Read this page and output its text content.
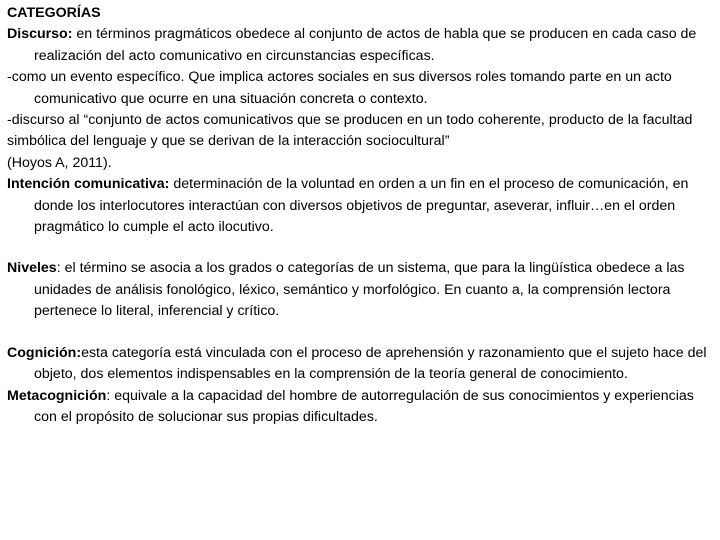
CATEGORÍAS

Discurso: en términos pragmáticos obedece al conjunto de actos de habla que se producen en cada caso de realización del acto comunicativo en circunstancias específicas.

-como un evento específico. Que implica actores sociales en sus diversos roles tomando parte en un acto comunicativo que ocurre en una situación concreta o contexto.

-discurso al “conjunto de actos comunicativos que se producen en un todo coherente, producto de la facultad simbólica del lenguaje y que se derivan de la interacción sociocultural”

(Hoyos A, 2011).

Intención comunicativa: determinación de la voluntad en orden a un fin en el proceso de comunicación, en donde los interlocutores interactúan con diversos objetivos de preguntar, aseverar, influir…en el orden pragmático lo cumple el acto ilocutivo.

Niveles: el término se asocia a los grados o categorías de un sistema, que para la lingüística obedece a las unidades de análisis fonológico, léxico, semántico y morfológico. En cuanto a, la comprensión lectora pertenece lo literal, inferencial y crítico.

Cognición:esta categoría está vinculada con el proceso de aprehensión y razonamiento que el sujeto hace del objeto, dos elementos indispensables en la comprensión de la teoría general de conocimiento.

Metacognición: equivale a la capacidad del hombre de autorregulación de sus conocimientos y experiencias con el propósito de solucionar sus propias dificultades.
